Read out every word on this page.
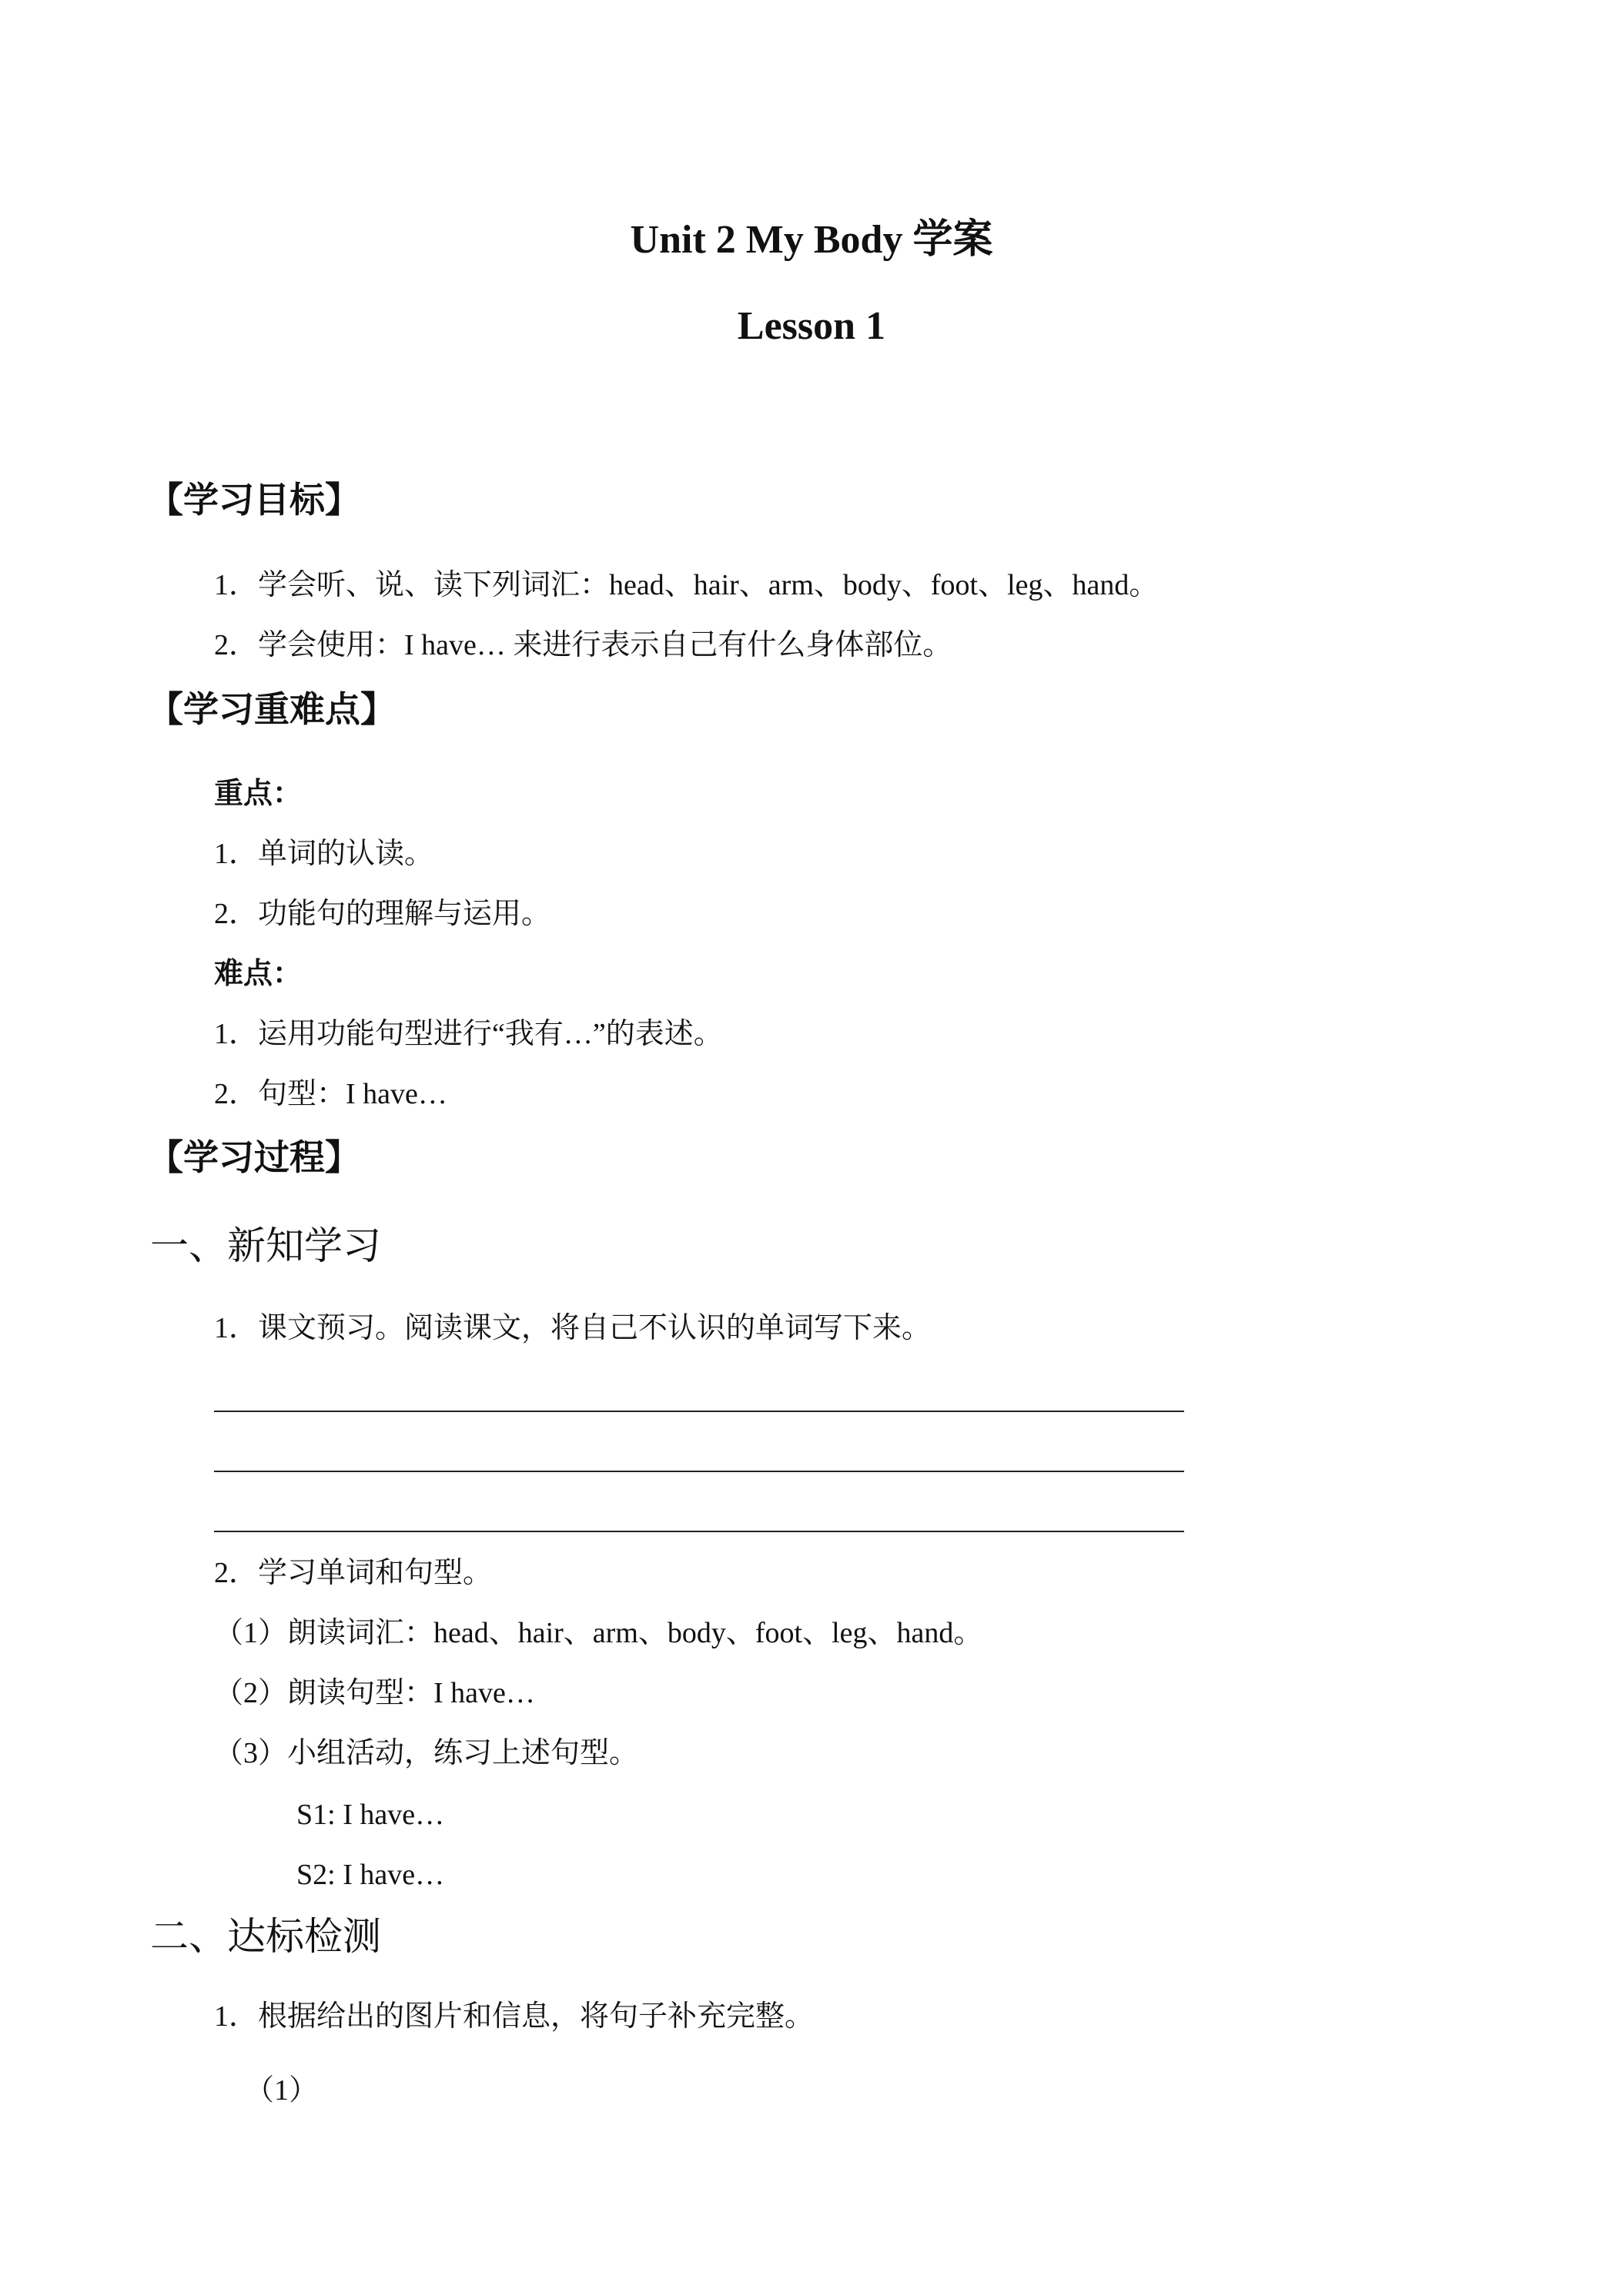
Unit 2 My Body 学案
Lesson 1
【学习目标】
1．学会听、说、读下列词汇：head、hair、arm、body、foot、leg、hand。
2．学会使用：I have… 来进行表示自己有什么身体部位。
【学习重难点】
重点：
1．单词的认读。
2．功能句的理解与运用。
难点：
1．运用功能句型进行“我有…”的表述。
2．句型：I have…
【学习过程】
一、新知学习
1．课文预习。阅读课文，将自己不认识的单词写下来。
2．学习单词和句型。
（1）朗读词汇：head、hair、arm、body、foot、leg、hand。
（2）朗读句型：I have…
（3）小组活动，练习上述句型。
S1: I have…
S2: I have…
二、达标检测
1．根据给出的图片和信息，将句子补充完整。
（1）
